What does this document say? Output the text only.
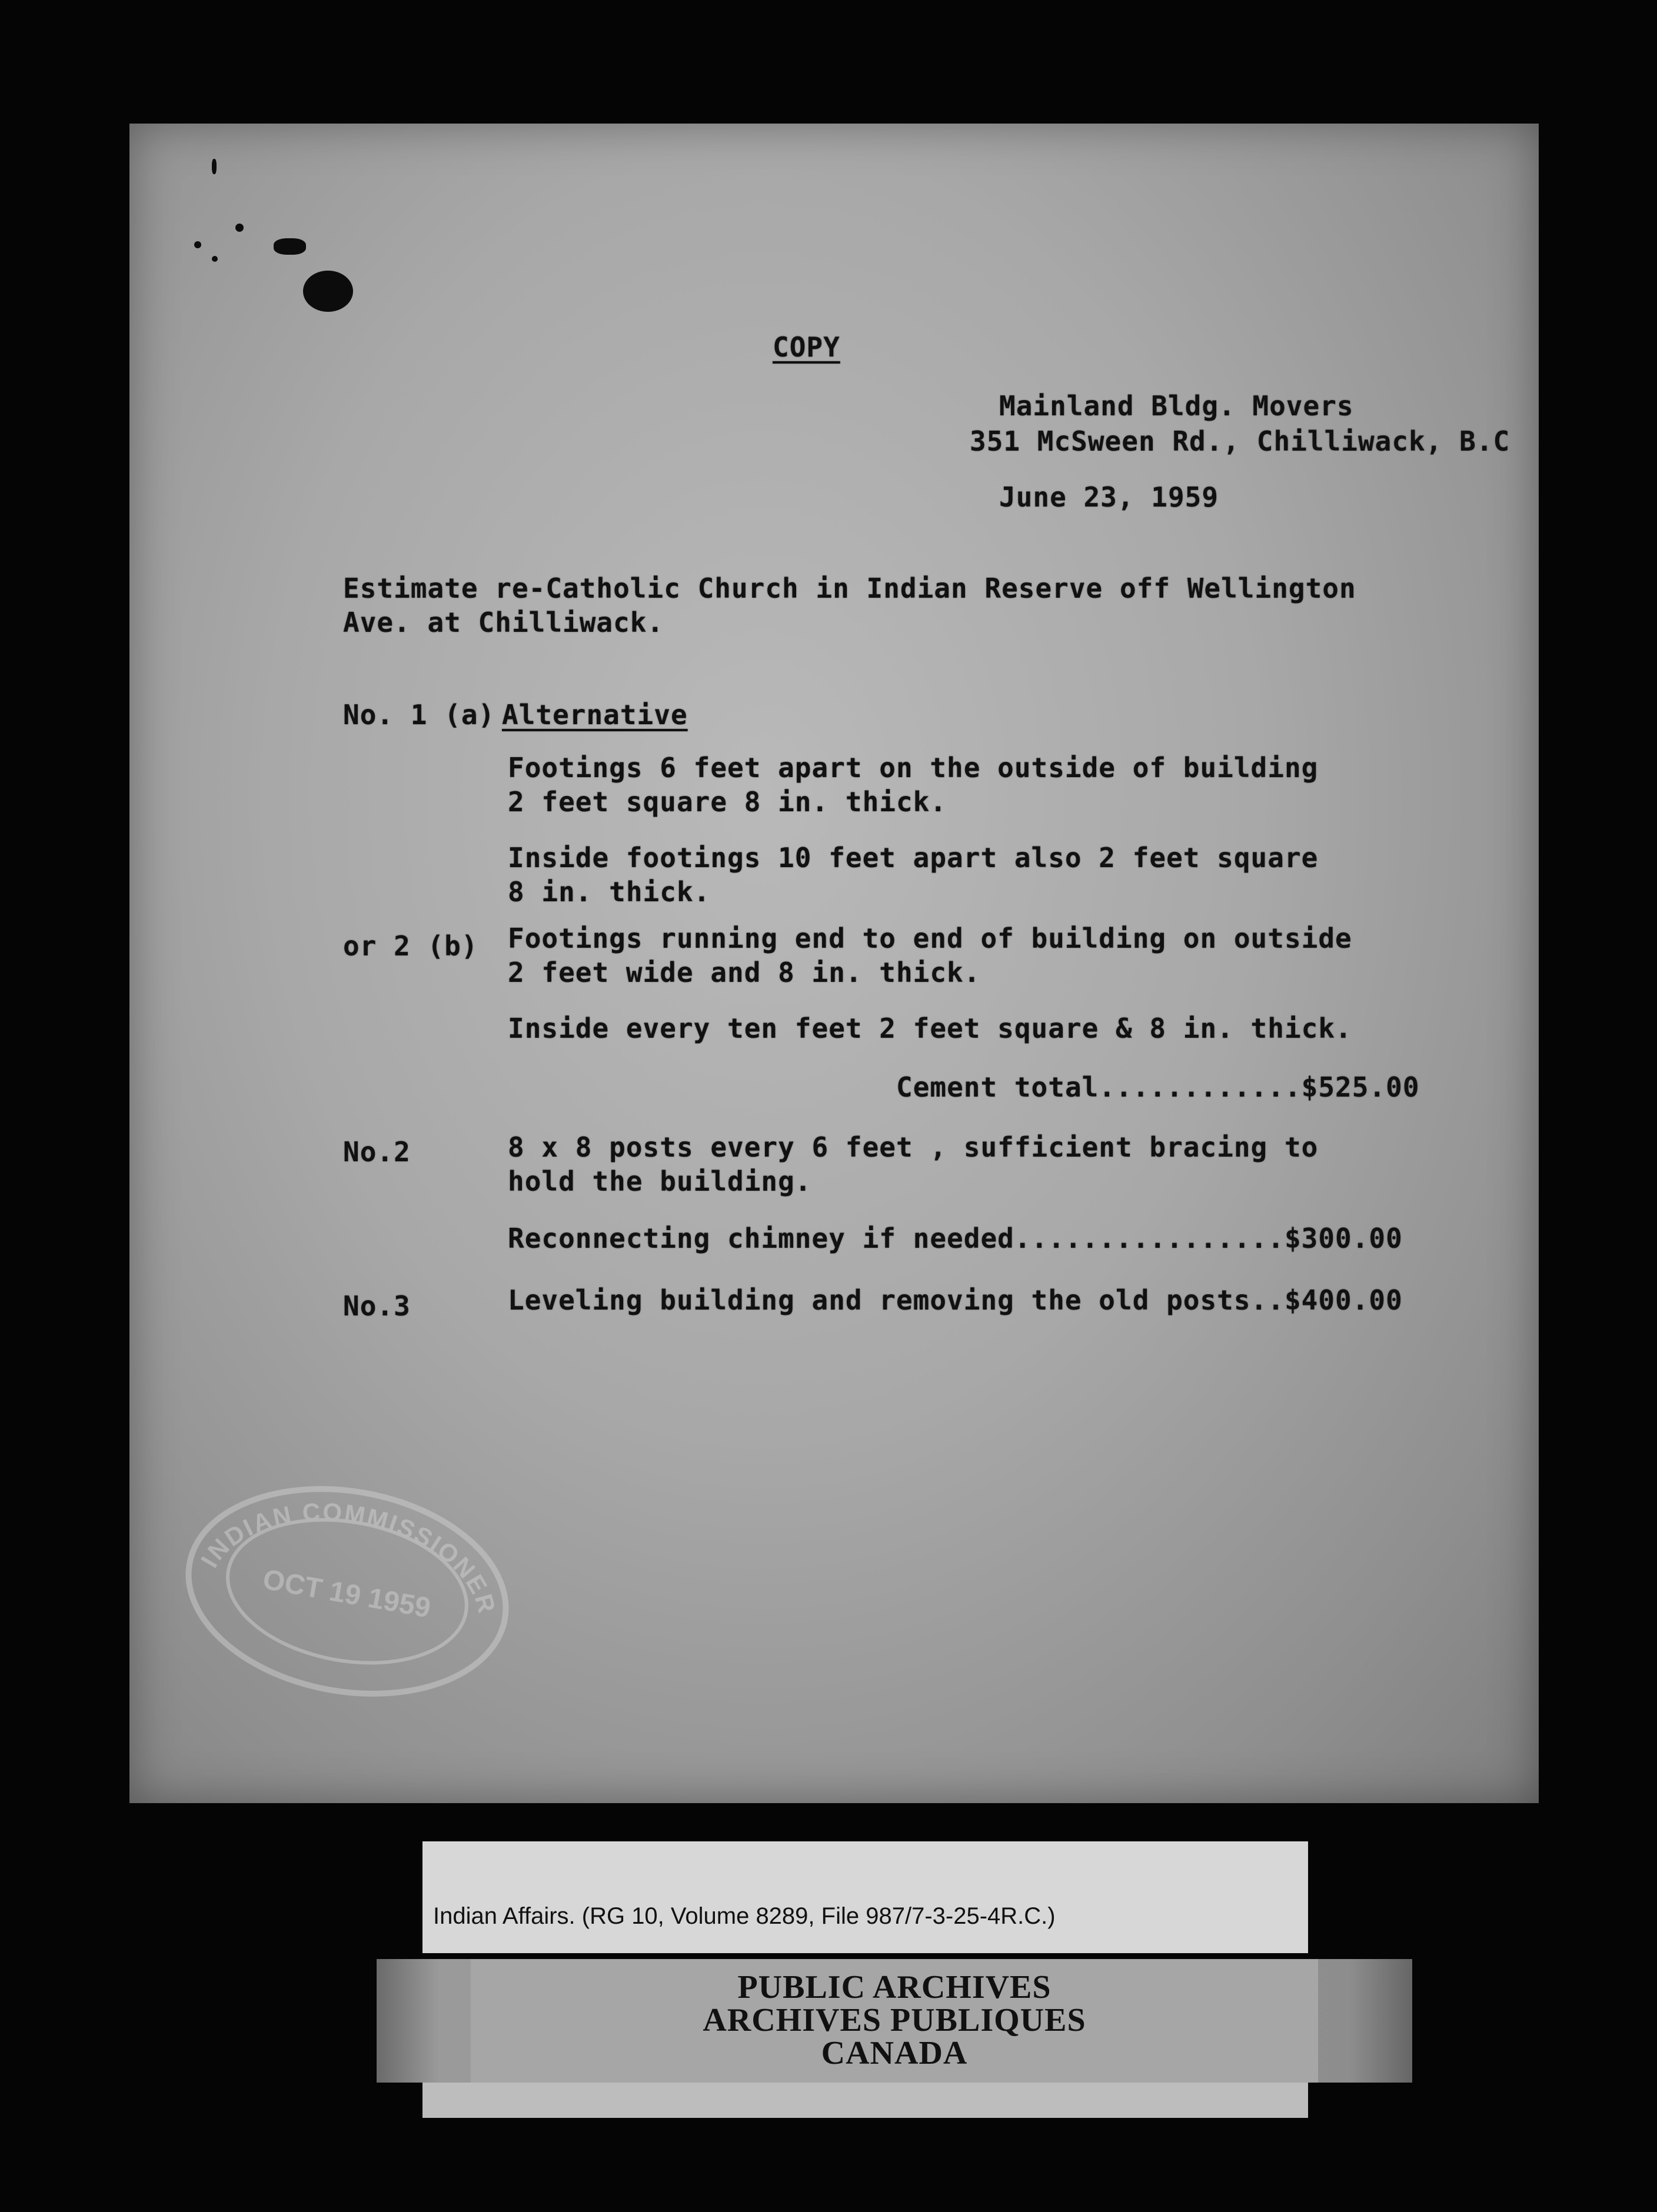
COPY
Mainland Bldg. Movers
351 McSween Rd., Chilliwack, B.C
June 23, 1959
Estimate re-Catholic Church in Indian Reserve off Wellington
Ave. at Chilliwack.
No. 1 (a) Alternative
Footings 6 feet apart on the outside of building
2 feet square 8 in. thick.
Inside footings 10 feet apart also 2 feet square
8 in. thick.
or 2 (b) Footings running end to end of building on outside
2 feet wide and 8 in. thick.
Inside every ten feet 2 feet square & 8 in. thick.
Cement total............$525.00
No.2	8 x 8 posts every 6 feet , sufficient bracing to
hold the building.
Reconnecting chimney if needed................$300.00
No.3	Leveling building and removing the old posts..$400.00
INDIAN COMMISSIONER
OCT 19 1959
Indian Affairs. (RG 10, Volume 8289, File 987/7-3-25-4R.C.)
PUBLIC ARCHIVES
ARCHIVES PUBLIQUES
CANADA
